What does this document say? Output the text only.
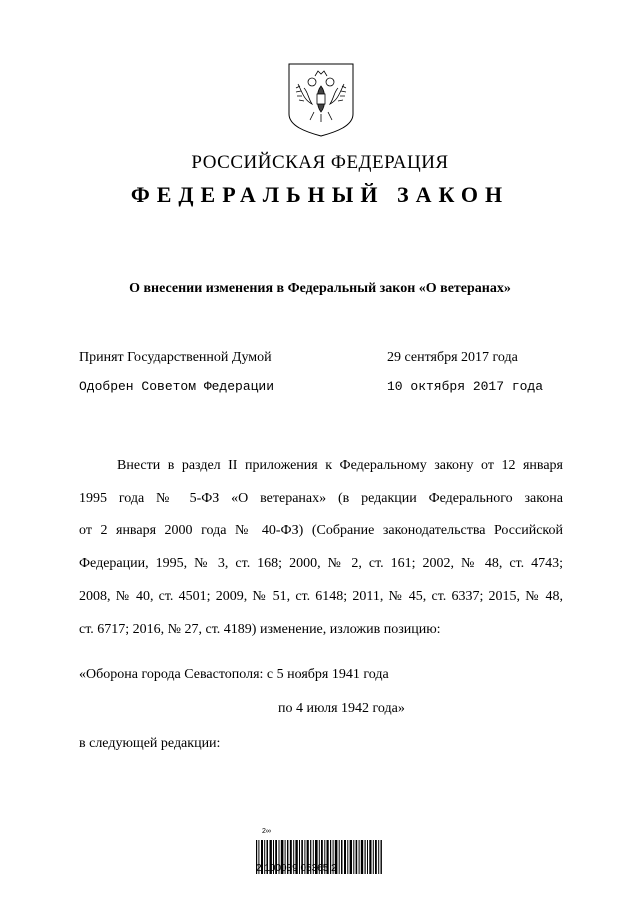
РОССИЙСКАЯ ФЕДЕРАЦИЯ
ФЕДЕРАЛЬНЫЙ ЗАКОН
О внесении изменения в Федеральный закон «О ветеранах»
Принят Государственной Думой	29 сентября 2017 года
Одобрен Советом Федерации	10 октября 2017 года
Внести в раздел II приложения к Федеральному закону от 12 января
1995 года № 5-ФЗ «О ветеранах» (в редакции Федерального закона
от 2 января 2000 года № 40-ФЗ) (Собрание законодательства Российской
Федерации, 1995, № 3, ст. 168; 2000, № 2, ст. 161; 2002, № 48, ст. 4743;
2008, № 40, ст. 4501; 2009, № 51, ст. 6148; 2011, № 45, ст. 6337; 2015, № 48,
ст. 6717; 2016, № 27, ст. 4189) изменение, изложив позицию:
«Оборона города Севастополя: с 5 ноября 1941 года
по 4 июля 1942 года»
в следующей редакции:
2∞
2 100039 05365 2
